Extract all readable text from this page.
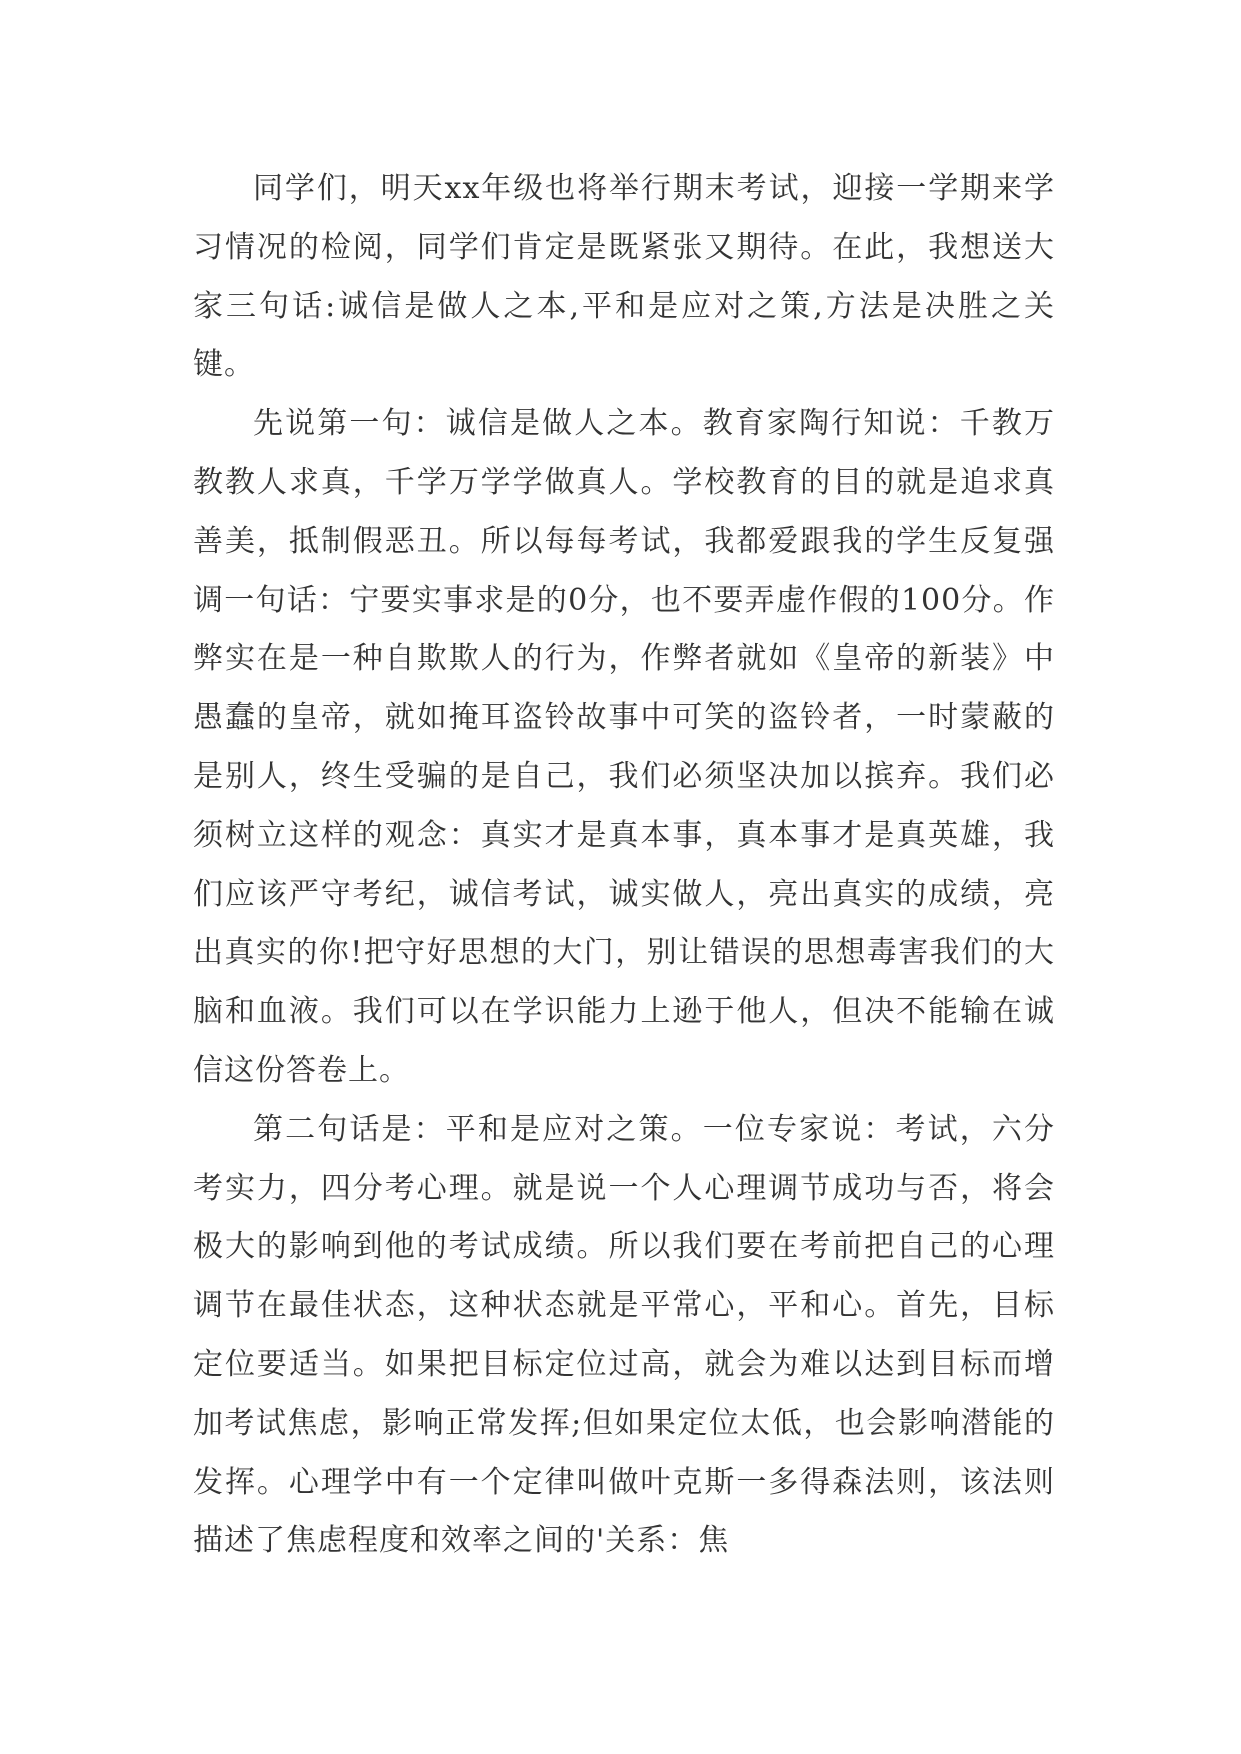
同学们，明天xx年级也将举行期末考试，迎接一学期来学习情况的检阅，同学们肯定是既紧张又期待。在此，我想送大家三句话:诚信是做人之本,平和是应对之策,方法是决胜之关键。

先说第一句：诚信是做人之本。教育家陶行知说：千教万教教人求真，千学万学学做真人。学校教育的目的就是追求真善美，抵制假恶丑。所以每每考试，我都爱跟我的学生反复强调一句话：宁要实事求是的0分，也不要弄虚作假的100分。作弊实在是一种自欺欺人的行为，作弊者就如《皇帝的新装》中愚蠢的皇帝，就如掩耳盗铃故事中可笑的盗铃者，一时蒙蔽的是别人，终生受骗的是自己，我们必须坚决加以摈弃。我们必须树立这样的观念：真实才是真本事，真本事才是真英雄，我们应该严守考纪，诚信考试，诚实做人，亮出真实的成绩，亮出真实的你!把守好思想的大门，别让错误的思想毒害我们的大脑和血液。我们可以在学识能力上逊于他人，但决不能输在诚信这份答卷上。

第二句话是：平和是应对之策。一位专家说：考试，六分考实力，四分考心理。就是说一个人心理调节成功与否，将会极大的影响到他的考试成绩。所以我们要在考前把自己的心理调节在最佳状态，这种状态就是平常心，平和心。首先，目标定位要适当。如果把目标定位过高，就会为难以达到目标而增加考试焦虑，影响正常发挥;但如果定位太低，也会影响潜能的发挥。心理学中有一个定律叫做叶克斯一多得森法则，该法则描述了焦虑程度和效率之间的'关系：焦
